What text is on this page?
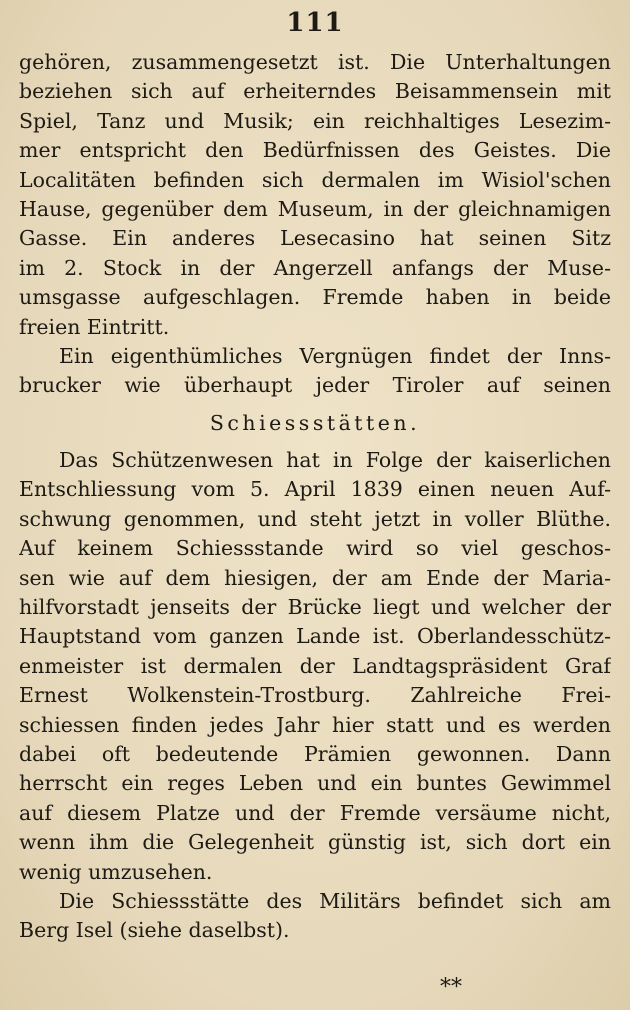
111
gehören, zusammengesetzt ist. Die Unterhaltungen
beziehen sich auf erheiterndes Beisammensein mit
Spiel, Tanz und Musik; ein reichhaltiges Lesezim-
mer entspricht den Bedürfnissen des Geistes. Die
Localitäten befinden sich dermalen im Wisiol'schen
Hause, gegenüber dem Museum, in der gleichnamigen
Gasse. Ein anderes Lesecasino hat seinen Sitz
im 2. Stock in der Angerzell anfangs der Muse-
umsgasse aufgeschlagen. Fremde haben in beide
freien Eintritt.
Ein eigenthümliches Vergnügen findet der Inns-
brucker wie überhaupt jeder Tiroler auf seinen
Schiessstätten.
Das Schützenwesen hat in Folge der kaiserlichen
Entschliessung vom 5. April 1839 einen neuen Auf-
schwung genommen, und steht jetzt in voller Blüthe.
Auf keinem Schiessstande wird so viel geschos-
sen wie auf dem hiesigen, der am Ende der Maria-
hilfvorstadt jenseits der Brücke liegt und welcher der
Hauptstand vom ganzen Lande ist. Oberlandesschütz-
enmeister ist dermalen der Landtagspräsident Graf
Ernest Wolkenstein-Trostburg. Zahlreiche Frei-
schiessen finden jedes Jahr hier statt und es werden
dabei oft bedeutende Prämien gewonnen. Dann
herrscht ein reges Leben und ein buntes Gewimmel
auf diesem Platze und der Fremde versäume nicht,
wenn ihm die Gelegenheit günstig ist, sich dort ein
wenig umzusehen.
Die Schiessstätte des Militärs befindet sich am
Berg Isel (siehe daselbst).
**
